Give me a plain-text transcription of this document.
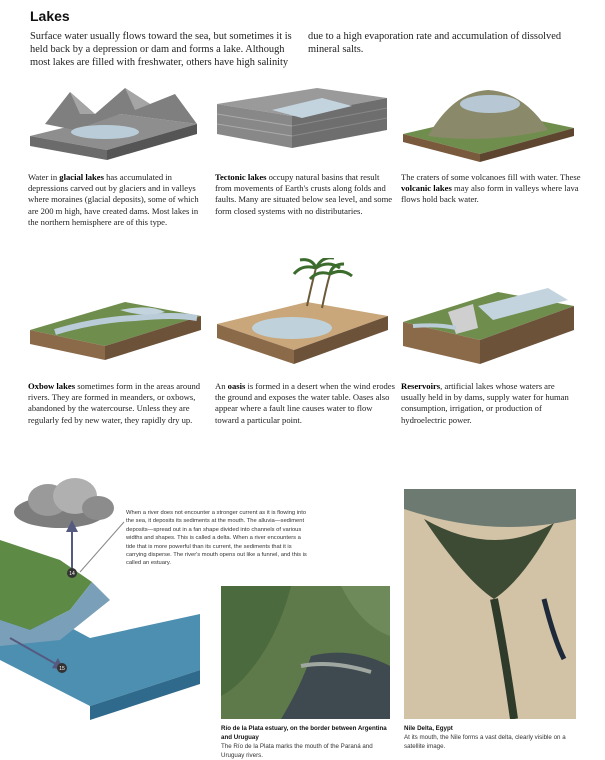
Lakes
Surface water usually flows toward the sea, but sometimes it is held back by a depression or dam and forms a lake. Although most lakes are filled with freshwater, others have high salinity
due to a high evaporation rate and accumulation of dissolved mineral salts.
Water in glacial lakes has accumulated in depressions carved out by glaciers and in valleys where moraines (glacial deposits), some of which are 200 m high, have created dams. Most lakes in the northern hemisphere are of this type.
Tectonic lakes occupy natural basins that result from movements of Earth's crusts along folds and faults. Many are situated below sea level, and some form closed systems with no distributaries.
The craters of some volcanoes fill with water. These volcanic lakes may also form in valleys where lava flows hold back water.
Oxbow lakes sometimes form in the areas around rivers. They are formed in meanders, or oxbows, abandoned by the watercourse. Unless they are regularly fed by new water, they rapidly dry up.
An oasis is formed in a desert when the wind erodes the ground and exposes the water table. Oases also appear where a fault line causes water to flow toward a particular point.
Reservoirs, artificial lakes whose waters are usually held in by dams, supply water for human consumption, irrigation, or production of hydroelectric power.
14
15
When a river does not encounter a stronger current as it is flowing into the sea, it deposits its sediments at the mouth. The alluvia—sediment deposits—spread out in a fan shape divided into channels of various widths and shapes. This is called a delta. When a river encounters a tide that is more powerful than its current, the sediments that it is carrying disperse. The river's mouth opens out like a funnel, and this is called an estuary.
Río de la Plata estuary, on the border between Argentina and Uruguay
The Río de la Plata marks the mouth of the Paraná and Uruguay rivers.
Nile Delta, Egypt
At its mouth, the Nile forms a vast delta, clearly visible on a satellite image.
